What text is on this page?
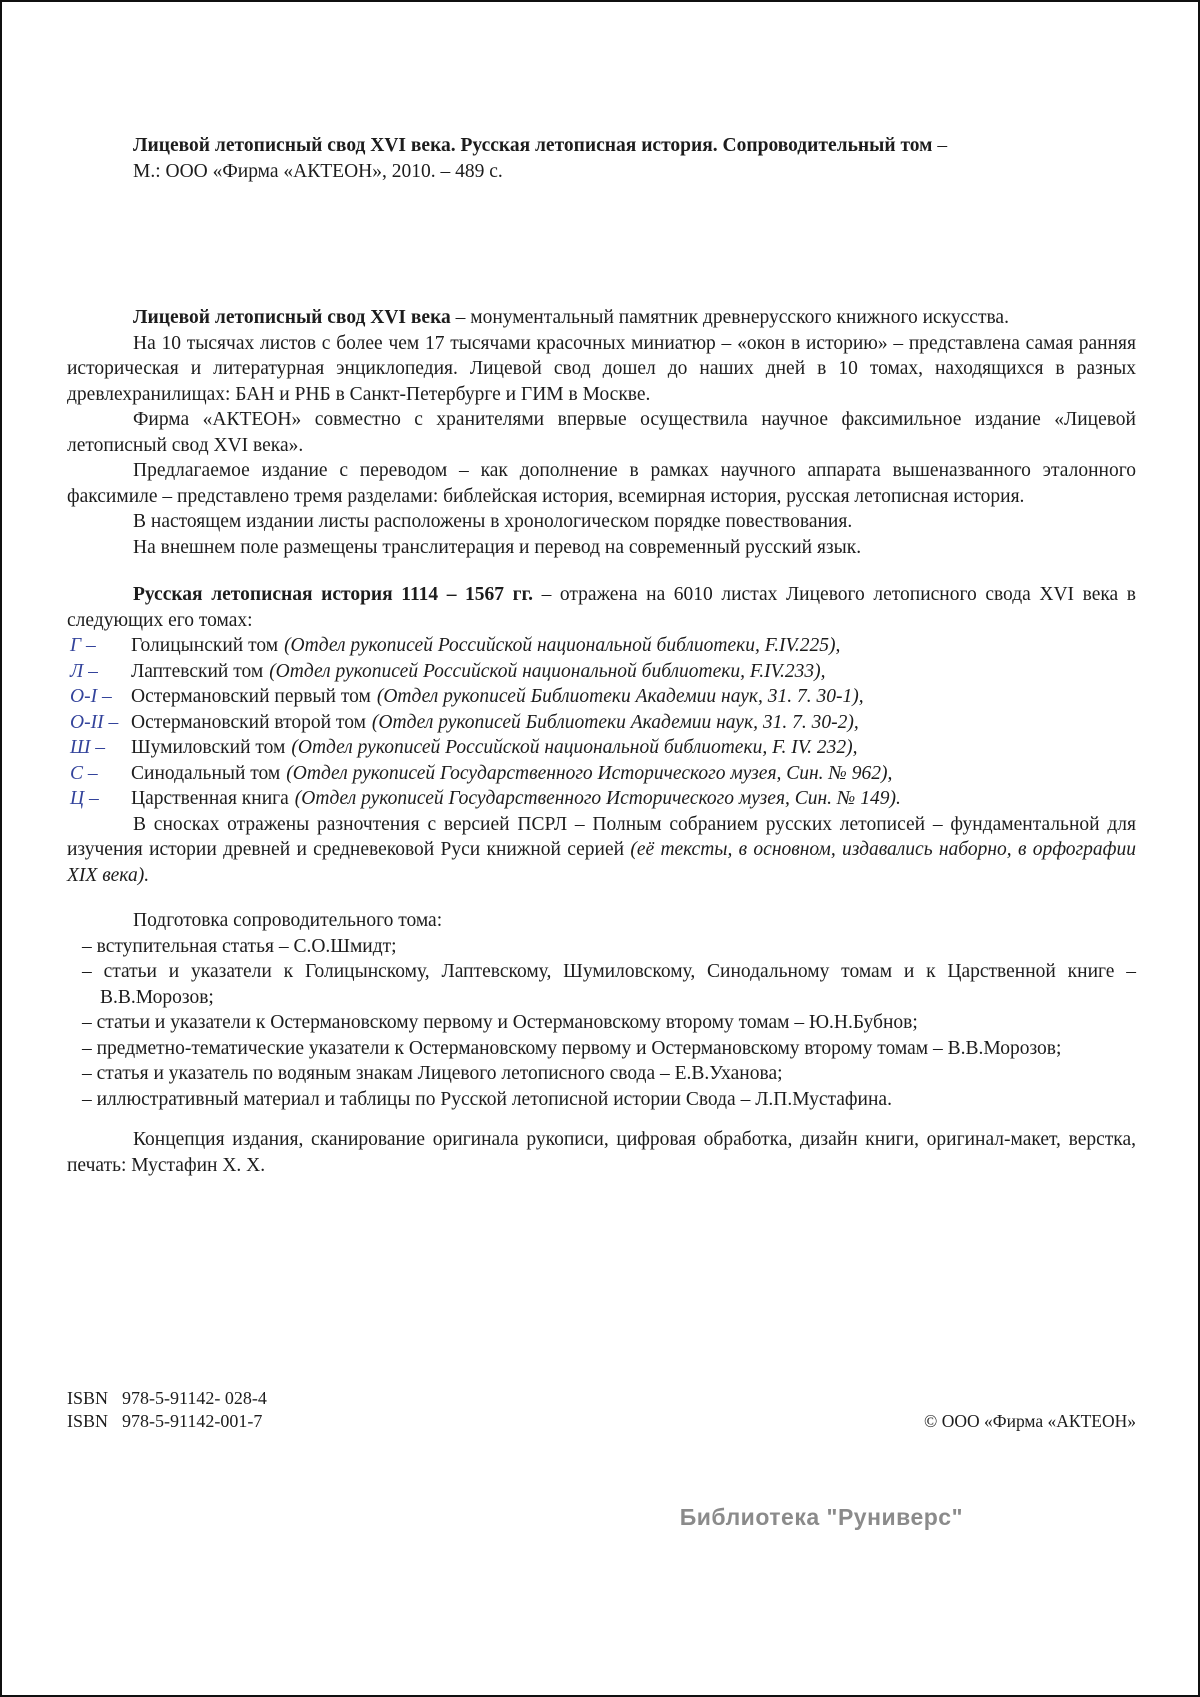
Лицевой летописный свод XVI века. Русская летописная история. Сопроводительный том –
М.: ООО «Фирма «АКТЕОН», 2010. – 489 с.

Лицевой летописный свод XVI века – монументальный памятник древнерусского книжного искусства.

На 10 тысячах листов с более чем 17 тысячами красочных миниатюр – «окон в историю» – представлена самая ранняя историческая и литературная энциклопедия. Лицевой свод дошел до наших дней в 10 томах, находящихся в разных древлехранилищах: БАН и РНБ в Санкт-Петербурге и ГИМ в Москве.

Фирма «АКТЕОН» совместно с хранителями впервые осуществила научное факсимильное издание «Лицевой летописный свод XVI века».

Предлагаемое издание с переводом – как дополнение в рамках научного аппарата вышеназванного эталонного факсимиле – представлено тремя разделами: библейская история, всемирная история, русская летописная история.

В настоящем издании листы расположены в хронологическом порядке повествования.

На внешнем поле размещены транслитерация и перевод на современный русский язык.

Русская летописная история 1114 – 1567 гг. – отражена на 6010 листах Лицевого летописного свода XVI века в следующих его томах:

Г – Голицынский том (Отдел рукописей Российской национальной библиотеки, F.IV.225),
Л – Лаптевский том (Отдел рукописей Российской национальной библиотеки, F.IV.233),
О-I – Остермановский первый том (Отдел рукописей Библиотеки Академии наук, 31. 7. 30-1),
О-II – Остермановский второй том (Отдел рукописей Библиотеки Академии наук, 31. 7. 30-2),
Ш – Шумиловский том (Отдел рукописей Российской национальной библиотеки, F. IV. 232),
С – Синодальный том (Отдел рукописей Государственного Исторического музея, Син. № 962),
Ц – Царственная книга (Отдел рукописей Государственного Исторического музея, Син. № 149).

В сносках отражены разночтения с версией ПСРЛ – Полным собранием русских летописей – фундаментальной для изучения истории древней и средневековой Руси книжной серией (её тексты, в основном, издавались наборно, в орфографии XIX века).

Подготовка сопроводительного тома:

– вступительная статья – С.О.Шмидт;

– статьи и указатели к Голицынскому, Лаптевскому, Шумиловскому, Синодальному томам и к Царственной книге – В.В.Морозов;

– статьи и указатели к Остермановскому первому и Остермановскому второму томам – Ю.Н.Бубнов;

– предметно-тематические указатели к Остермановскому первому и Остермановскому второму томам – В.В.Морозов;

– статья и указатель по водяным знакам Лицевого летописного свода – Е.В.Уханова;

– иллюстративный материал и таблицы по Русской летописной истории Свода – Л.П.Мустафина.

Концепция издания, сканирование оригинала рукописи, цифровая обработка, дизайн книги, оригинал-макет, верстка, печать: Мустафин Х. Х.

ISBN 978-5-91142- 028-4
ISBN 978-5-91142-001-7	© ООО «Фирма «АКТЕОН»
Библиотека "Руниверс"
